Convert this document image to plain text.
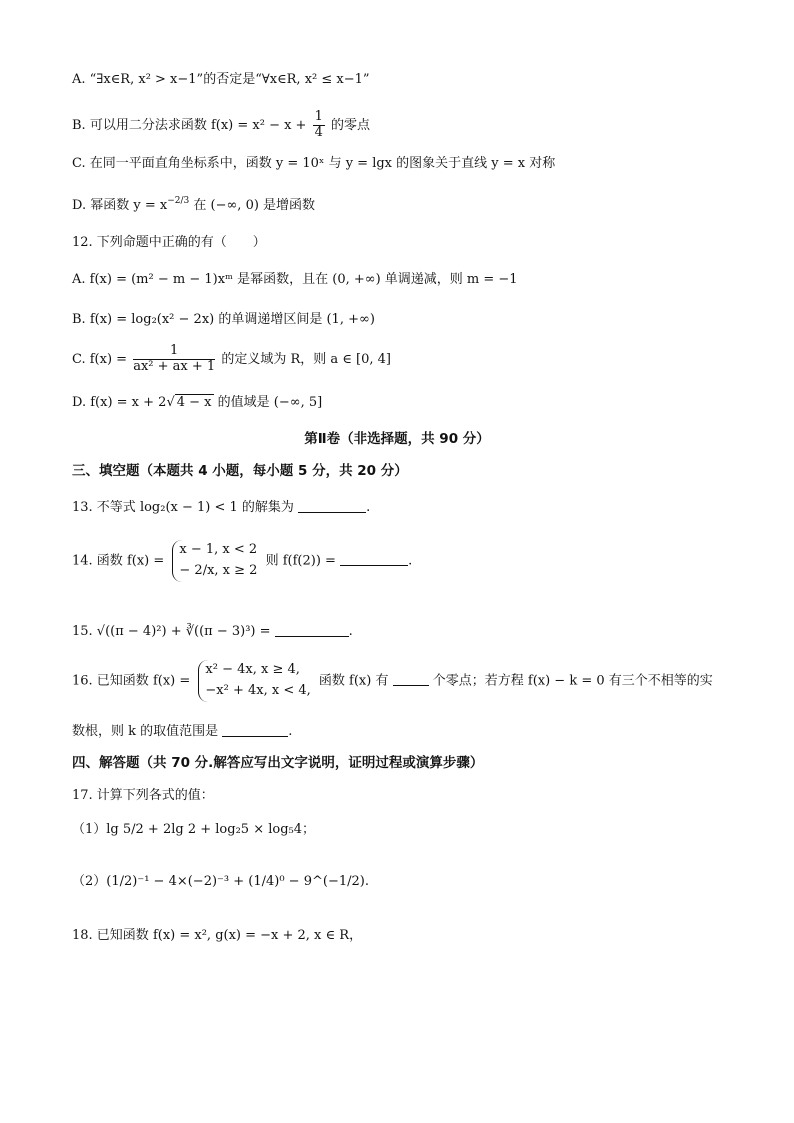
A. “∃x∈R, x² > x−1”的否定是“∀x∈R, x² ≤ x−1”
B. 可以用二分法求函数 $f(x) = x^2 - x + \frac{1}{4}$ 的零点
C. 在同一平面直角坐标系中，函数 y = 10ˣ 与 y = lgx 的图象关于直线 y = x 对称
D. 幂函数 $y = x^{-2/3}$ 在 (−∞, 0) 是增函数
12. 下列命题中正确的有（　　）
A. f(x) = (m² − m − 1)xᵐ 是幂函数，且在 (0, +∞) 单调递减，则 m = −1
B. f(x) = log₂(x² − 2x) 的单调递增区间是 (1, +∞)
C. $f(x) = \frac{1}{\text{ax² + ax + 1}}$ 的定义域为 R，则 a ∈ [0, 4]
D. f(x) = x + 2√ 4 − x 的值域是 (−∞, 5]
第Ⅱ卷（非选择题，共 90 分）
三、填空题（本题共 4 小题，每小题 5 分，共 20 分）
13. 不等式 log₂(x − 1) < 1 的解集为	.
14. 函数 f(x) =
x − 1, x < 2
− 2/x, x ≥ 2
则 f(f(2)) =	.
15. √((π − 4)²) + ∛((π − 3)³) =	.
16. 已知函数 f(x) =
x² − 4x, x ≥ 4,
−x² + 4x, x < 4,
函数 f(x) 有	个零点；若方程 f(x) − k = 0 有三个不相等的实
数根，则 k 的取值范围是	.
四、解答题（共 70 分.解答应写出文字说明，证明过程或演算步骤）
17. 计算下列各式的值：
（1）lg 5/2 + 2lg 2 + log₂5 × log₅4；
（2）(1/2)⁻¹ − 4×(−2)⁻³ + (1/4)⁰ − 9^(−1/2).
18. 已知函数 f(x) = x², g(x) = −x + 2, x ∈ R，
